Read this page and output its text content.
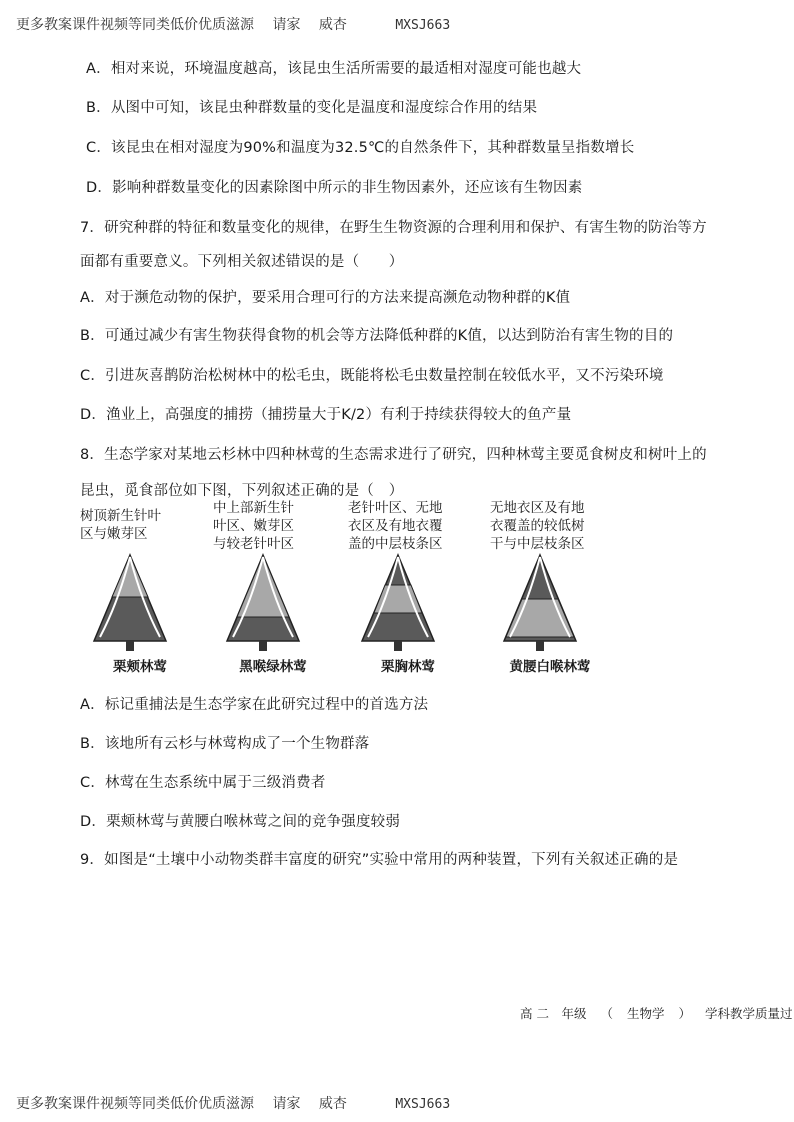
更多教案课件视频等同类低价优质滋源 请家 威杏	MXSJ663
A．相对来说，环境温度越高，该昆虫生活所需要的最适相对湿度可能也越大
B．从图中可知，该昆虫种群数量的变化是温度和湿度综合作用的结果
C．该昆虫在相对湿度为90%和温度为32.5℃的自然条件下，其种群数量呈指数增长
D．影响种群数量变化的因素除图中所示的非生物因素外，还应该有生物因素
7．研究种群的特征和数量变化的规律，在野生生物资源的合理利用和保护、有害生物的防治等方
面都有重要意义。下列相关叙述错误的是（　　）
A．对于濒危动物的保护，要采用合理可行的方法来提高濒危动物种群的K值
B．可通过减少有害生物获得食物的机会等方法降低种群的K值，以达到防治有害生物的目的
C．引进灰喜鹊防治松树林中的松毛虫，既能将松毛虫数量控制在较低水平，又不污染环境
D．渔业上，高强度的捕捞（捕捞量大于K/2）有利于持续获得较大的鱼产量
8．生态学家对某地云杉林中四种林莺的生态需求进行了研究，四种林莺主要觅食树皮和树叶上的
昆虫，觅食部位如下图，下列叙述正确的是（　）
树顶新生针叶
区与嫩芽区
栗颊林莺
中上部新生针
叶区、嫩芽区
与较老针叶区
黑喉绿林莺
老针叶区、无地
衣区及有地衣覆
盖的中层枝条区
栗胸林莺
无地衣区及有地
衣覆盖的较低树
干与中层枝条区
黄腰白喉林莺
A．标记重捕法是生态学家在此研究过程中的首选方法
B．该地所有云杉与林莺构成了一个生物群落
C．林莺在生态系统中属于三级消费者
D．栗颊林莺与黄腰白喉林莺之间的竞争强度较弱
9．如图是“土壤中小动物类群丰富度的研究”实验中常用的两种装置，下列有关叙述正确的是
高 二　年级 （ 生物学 ） 学科教学质量过
更多教案课件视频等同类低价优质滋源 请家 威杏	MXSJ663
